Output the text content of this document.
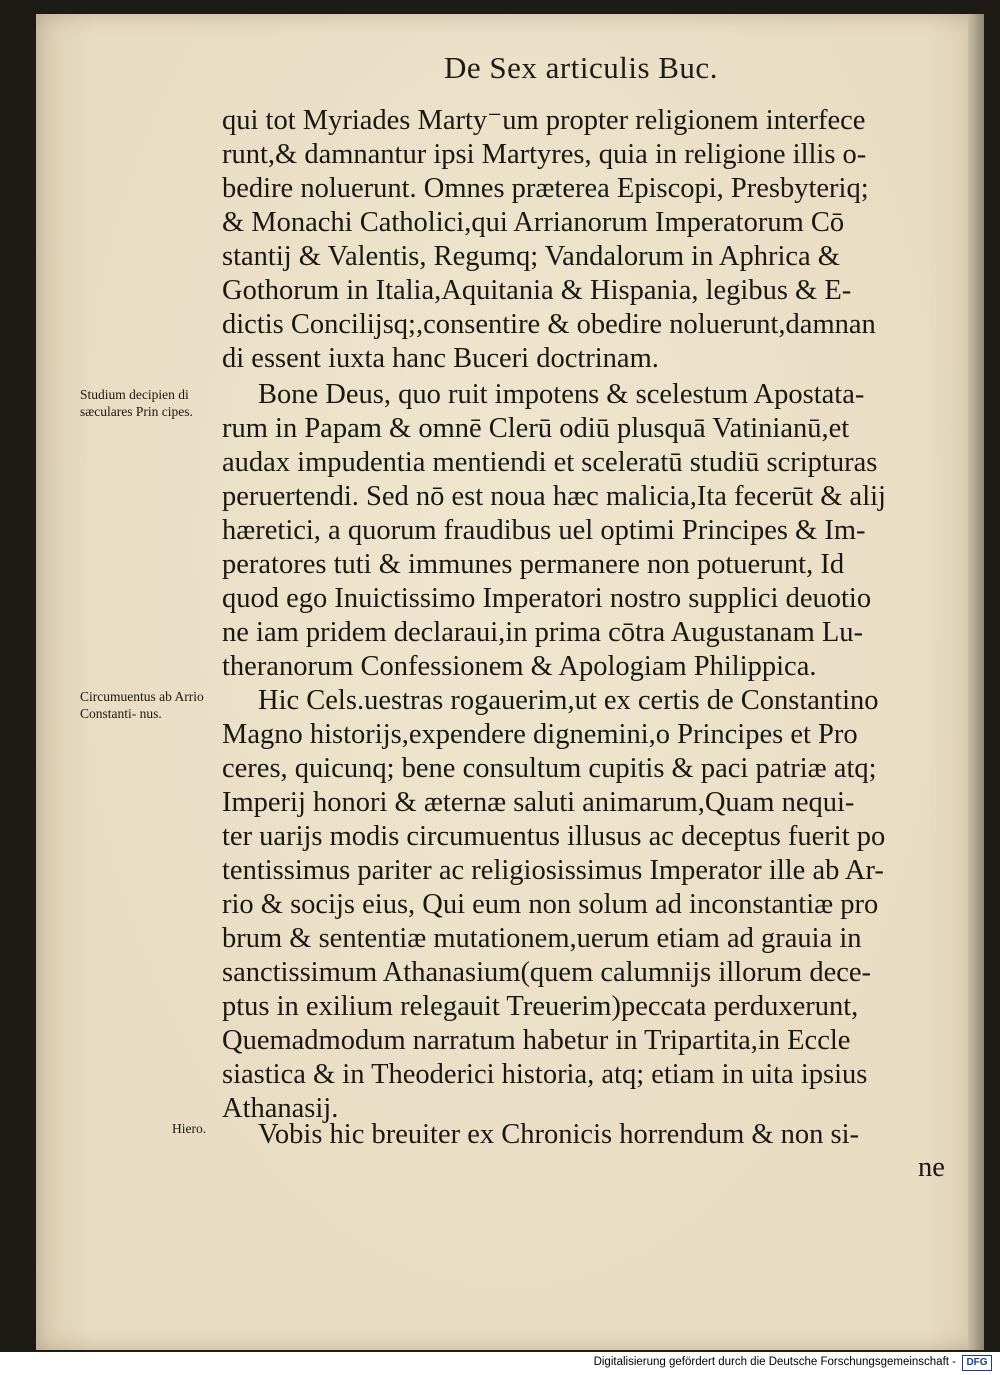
De Sex articulis Buc.
qui tot Myriades Marty⁻um propter religionem interfece
runt,& damnantur ipsi Martyres, quia in religione illis o-
bedire noluerunt. Omnes præterea Episcopi, Presbyteriq;
& Monachi Catholici,qui Arrianorum Imperatorum Cō
stantij & Valentis, Regumq; Vandalorum in Aphrica &
Gothorum in Italia,Aquitania & Hispania, legibus & E-
dictis Concilijsq;,consentire & obedire noluerunt,damnan
di essent iuxta hanc Buceri doctrinam.
Bone Deus, quo ruit impotens & scelestum Apostata-
rum in Papam & omnē Clerū odiū plusquā Vatinianū,et
audax impudentia mentiendi et sceleratū studiū scripturas
peruertendi. Sed nō est noua hæc malicia,Ita fecerūt & alij
hæretici, a quorum fraudibus uel optimi Principes & Im-
peratores tuti & immunes permanere non potuerunt, Id
quod ego Inuictissimo Imperatori nostro supplici deuotio
ne iam pridem declaraui,in prima cōtra Augustanam Lu-
theranorum Confessionem & Apologiam Philippica.
Hic Cels.uestras rogauerim,ut ex certis de Constantino
Magno historijs,expendere dignemini,o Principes et Pro
ceres, quicunq; bene consultum cupitis & paci patriæ atq;
Imperij honori & æternæ saluti animarum,Quam nequi-
ter uarijs modis circumuentus illusus ac deceptus fuerit po
tentissimus pariter ac religiosissimus Imperator ille ab Ar-
rio & socijs eius, Qui eum non solum ad inconstantiæ pro
brum & sententiæ mutationem,uerum etiam ad grauia in
sanctissimum Athanasium(quem calumnijs illorum dece-
ptus in exilium relegauit Treuerim)peccata perduxerunt,
Quemadmodum narratum habetur in Tripartita,in Eccle
siastica & in Theoderici historia, atq; etiam in uita ipsius
Athanasij.
Vobis hic breuiter ex Chronicis horrendum & non si-
Studium decipien di sæculares Prin cipes.
Circumuentus ab Arrio Constanti- nus.
Hiero.
ne
Digitalisierung gefördert durch die Deutsche Forschungsgemeinschaft -	DFG
